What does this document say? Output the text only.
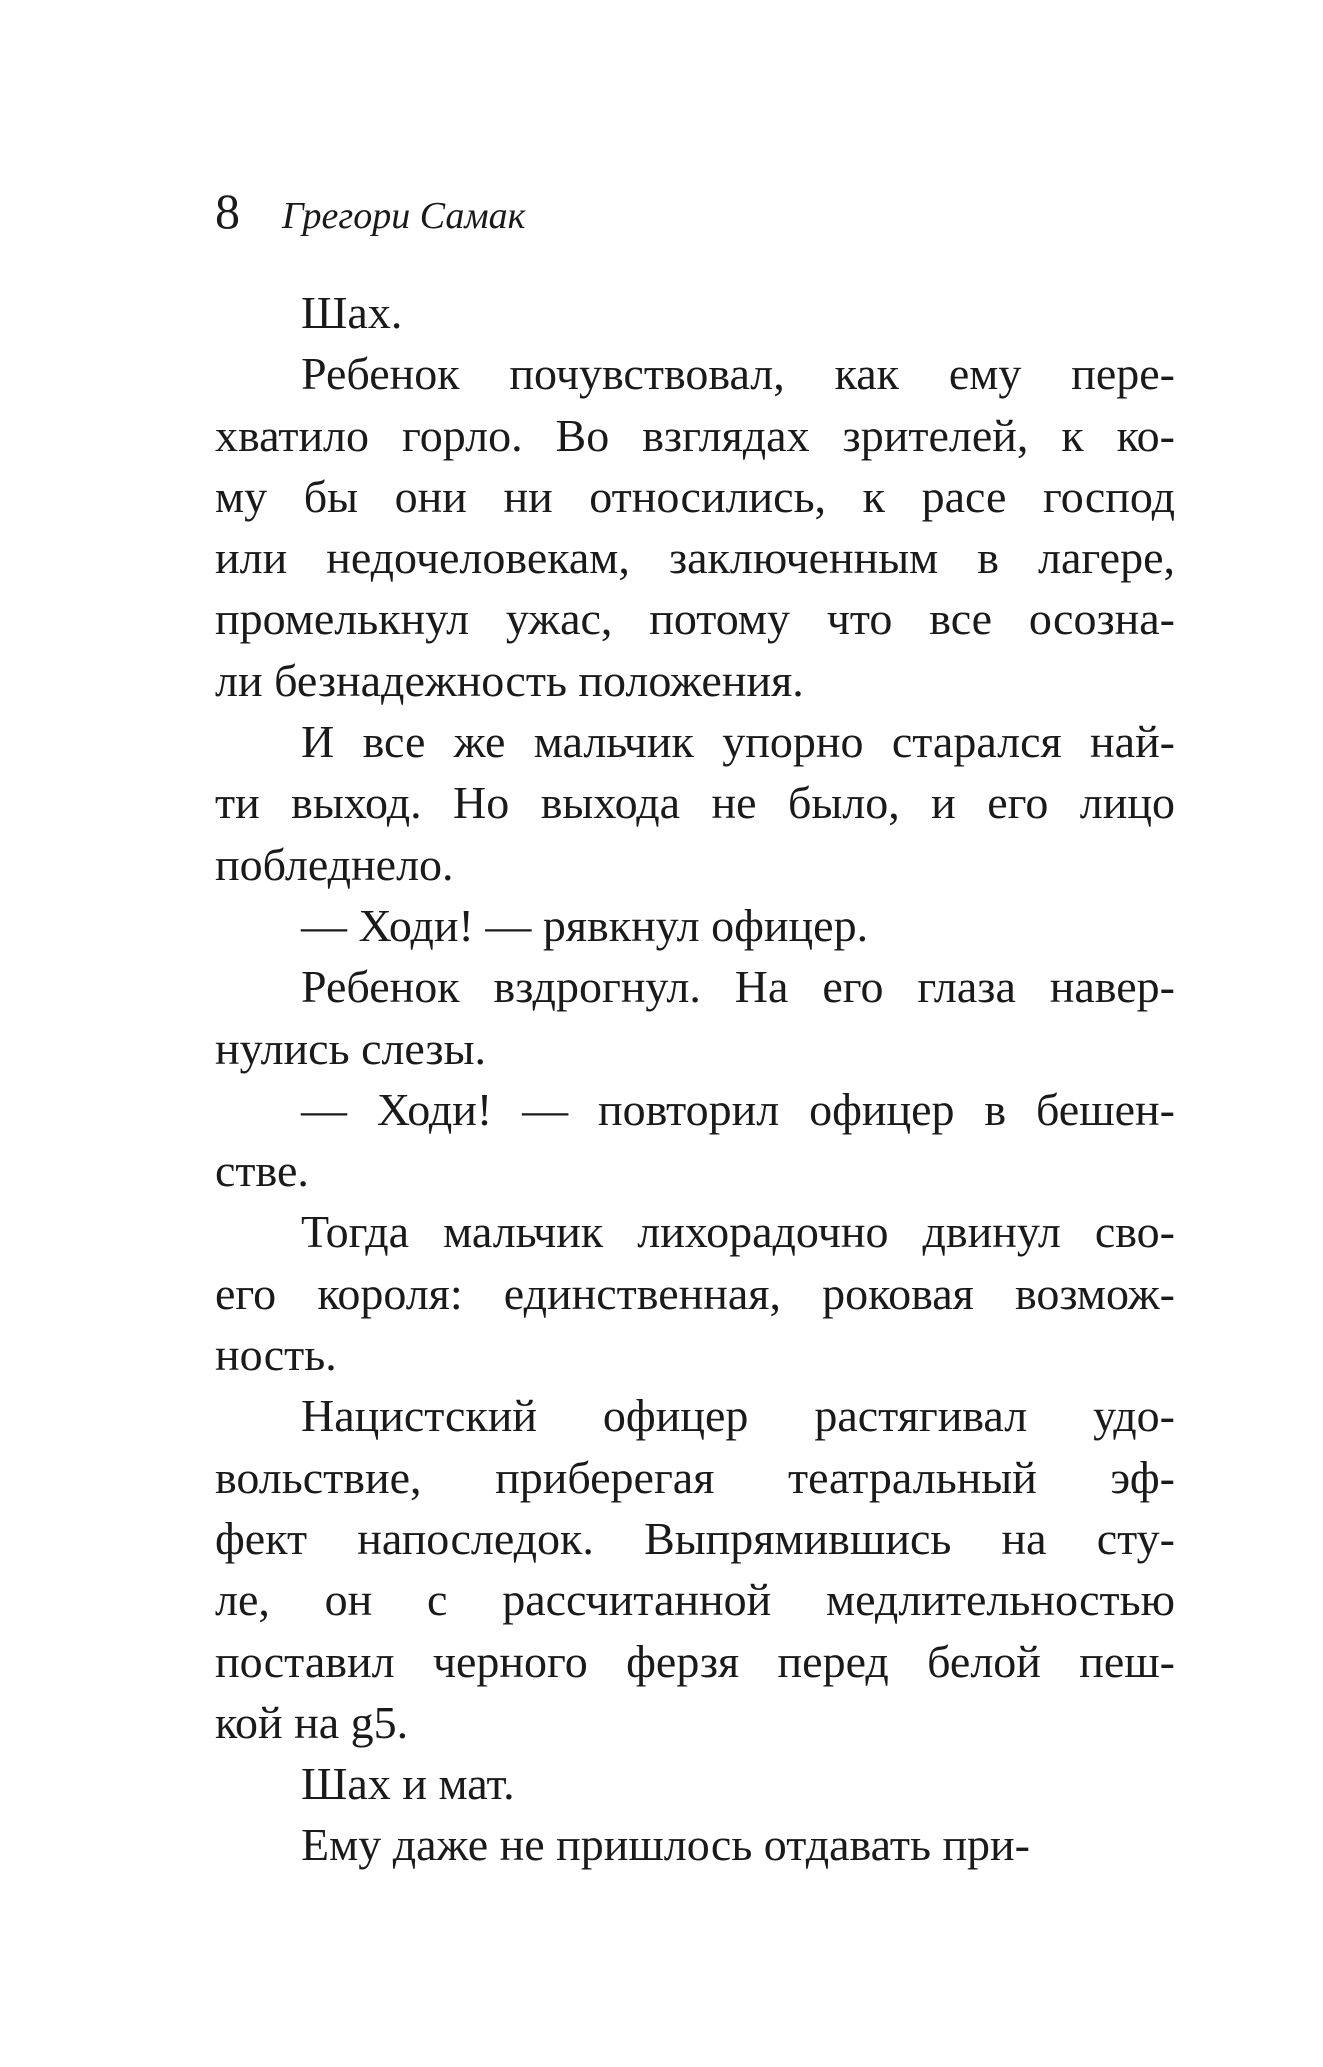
8 Грегори Самак
Шах.
Ребенок почувствовал, как ему пере-
хватило горло. Во взглядах зрителей, к ко-
му бы они ни относились, к расе господ
или недочеловекам, заключенным в лагере,
промелькнул ужас, потому что все осозна-
ли безнадежность положения.
И все же мальчик упорно старался най-
ти выход. Но выхода не было, и его лицо
побледнело.
— Ходи! — рявкнул офицер.
Ребенок вздрогнул. На его глаза навер-
нулись слезы.
— Ходи! — повторил офицер в бешен-
стве.
Тогда мальчик лихорадочно двинул сво-
его короля: единственная, роковая возмож-
ность.
Нацистский офицер растягивал удо-
вольствие, приберегая театральный эф-
фект напоследок. Выпрямившись на сту-
ле, он с рассчитанной медлительностью
поставил черного ферзя перед белой пеш-
кой на g5.
Шах и мат.
Ему даже не пришлось отдавать при-
